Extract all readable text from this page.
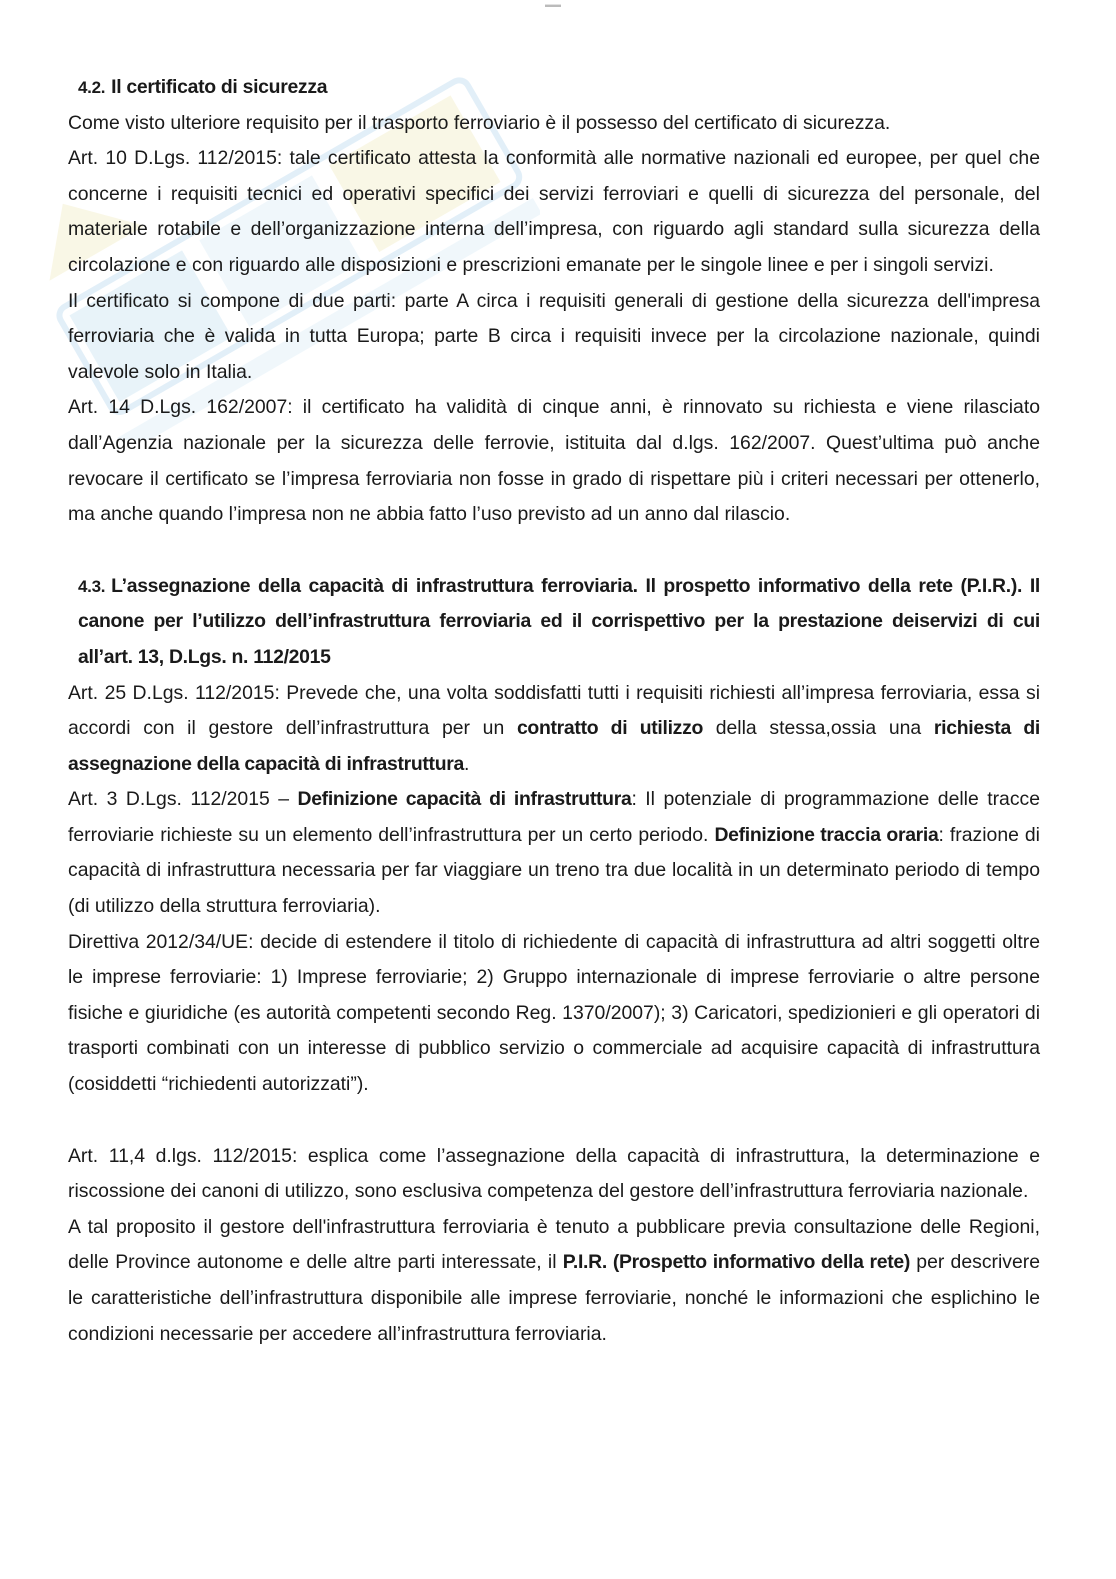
▬▬
4.2. Il certificato di sicurezza

Come visto ulteriore requisito per il trasporto ferroviario è il possesso del certificato di sicurezza.

Art. 10 D.Lgs. 112/2015: tale certificato attesta la conformità alle normative nazionali ed europee, per quel che concerne i requisiti tecnici ed operativi specifici dei servizi ferroviari e quelli di sicurezza del personale, del materiale rotabile e dell’organizzazione interna dell’impresa, con riguardo agli standard sulla sicurezza della circolazione e con riguardo alle disposizioni e prescrizioni emanate per le singole linee e per i singoli servizi.

Il certificato si compone di due parti: parte A circa i requisiti generali di gestione della sicurezza dell'impresa ferroviaria che è valida in tutta Europa; parte B circa i requisiti invece per la circolazione nazionale, quindi valevole solo in Italia.

Art. 14 D.Lgs. 162/2007: il certificato ha validità di cinque anni, è rinnovato su richiesta e viene rilasciato dall’Agenzia nazionale per la sicurezza delle ferrovie, istituita dal d.lgs. 162/2007. Quest’ultima può anche revocare il certificato se l’impresa ferroviaria non fosse in grado di rispettare più i criteri necessari per ottenerlo, ma anche quando l’impresa non ne abbia fatto l’uso previsto ad un anno dal rilascio.

4.3. L’assegnazione della capacità di infrastruttura ferroviaria. Il prospetto informativo della rete (P.I.R.). Il canone per l’utilizzo dell’infrastruttura ferroviaria ed il corrispettivo per la prestazione deiservizi di cui all’art. 13, D.Lgs. n. 112/2015

Art. 25 D.Lgs. 112/2015: Prevede che, una volta soddisfatti tutti i requisiti richiesti all’impresa ferroviaria, essa si accordi con il gestore dell’infrastruttura per un contratto di utilizzo della stessa,ossia una richiesta di assegnazione della capacità di infrastruttura.

Art. 3 D.Lgs. 112/2015 – Definizione capacità di infrastruttura: Il potenziale di programmazione delle tracce ferroviarie richieste su un elemento dell’infrastruttura per un certo periodo. Definizione traccia oraria: frazione di capacità di infrastruttura necessaria per far viaggiare un treno tra due località in un determinato periodo di tempo (di utilizzo della struttura ferroviaria).

Direttiva 2012/34/UE: decide di estendere il titolo di richiedente di capacità di infrastruttura ad altri soggetti oltre le imprese ferroviarie: 1) Imprese ferroviarie; 2) Gruppo internazionale di imprese ferroviarie o altre persone fisiche e giuridiche (es autorità competenti secondo Reg. 1370/2007); 3) Caricatori, spedizionieri e gli operatori di trasporti combinati con un interesse di pubblico servizio o commerciale ad acquisire capacità di infrastruttura (cosiddetti “richiedenti autorizzati”).

Art. 11,4 d.lgs. 112/2015: esplica come l’assegnazione della capacità di infrastruttura, la determinazione e riscossione dei canoni di utilizzo, sono esclusiva competenza del gestore dell’infrastruttura ferroviaria nazionale.

A tal proposito il gestore dell'infrastruttura ferroviaria è tenuto a pubblicare previa consultazione delle Regioni, delle Province autonome e delle altre parti interessate, il P.I.R. (Prospetto informativo della rete) per descrivere le caratteristiche dell’infrastruttura disponibile alle imprese ferroviarie, nonché le informazioni che esplichino le condizioni necessarie per accedere all’infrastruttura ferroviaria.
